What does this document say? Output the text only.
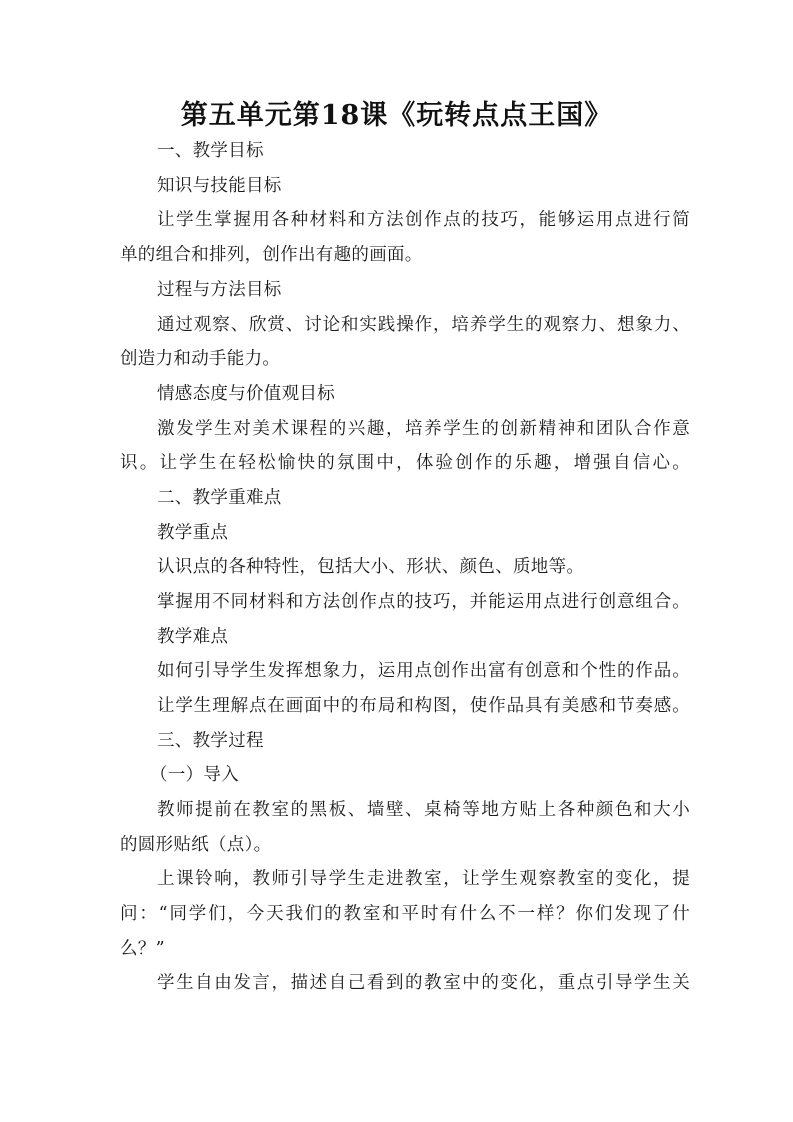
第五单元第18课《玩转点点王国》
一、教学目标
知识与技能目标
让学生掌握用各种材料和方法创作点的技巧，能够运用点进行简
单的组合和排列，创作出有趣的画面。
过程与方法目标
通过观察、欣赏、讨论和实践操作，培养学生的观察力、想象力、
创造力和动手能力。
情感态度与价值观目标
激发学生对美术课程的兴趣，培养学生的创新精神和团队合作意
识。让学生在轻松愉快的氛围中，体验创作的乐趣，增强自信心。
二、教学重难点
教学重点
认识点的各种特性，包括大小、形状、颜色、质地等。
掌握用不同材料和方法创作点的技巧，并能运用点进行创意组合。
教学难点
如何引导学生发挥想象力，运用点创作出富有创意和个性的作品。
让学生理解点在画面中的布局和构图，使作品具有美感和节奏感。
三、教学过程
（一）导入
教师提前在教室的黑板、墙壁、桌椅等地方贴上各种颜色和大小
的圆形贴纸（点）。
上课铃响，教师引导学生走进教室，让学生观察教室的变化，提
问：“同学们，今天我们的教室和平时有什么不一样？你们发现了什
么？”
学生自由发言，描述自己看到的教室中的变化，重点引导学生关
